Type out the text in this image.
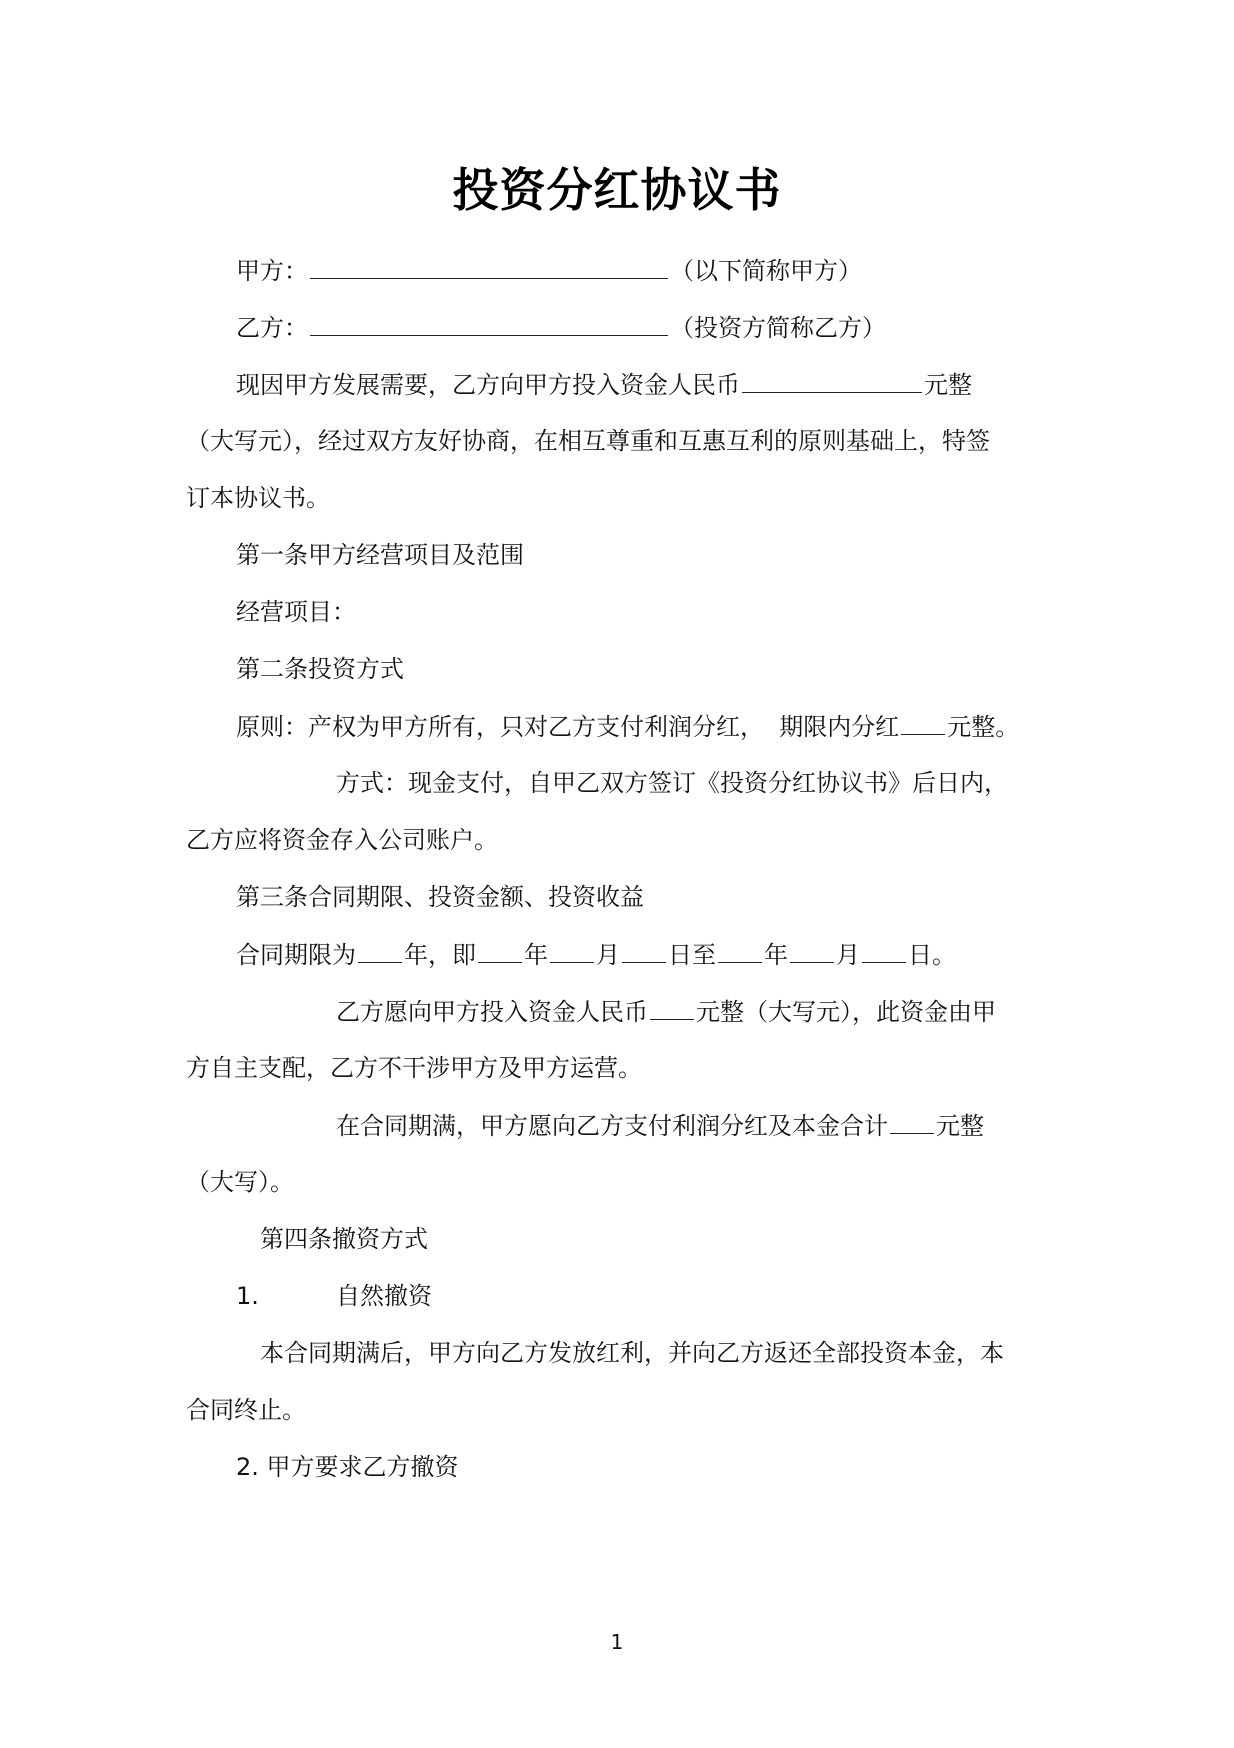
投资分红协议书
甲方：	（以下简称甲方）
乙方：	（投资方简称乙方）
现因甲方发展需要，乙方向甲方投入资金人民币	元整
（大写元），经过双方友好协商，在相互尊重和互惠互利的原则基础上，特签
订本协议书。
第一条甲方经营项目及范围
经营项目：
第二条投资方式
原则：产权为甲方所有，只对乙方支付利润分红，  期限内分红 元整。
方式：现金支付，自甲乙双方签订《投资分红协议书》后日内，
乙方应将资金存入公司账户。
第三条合同期限、投资金额、投资收益
合同期限为 年，即 年 月 日至 年 月 日。
乙方愿向甲方投入资金人民币 元整（大写元），此资金由甲
方自主支配，乙方不干涉甲方及甲方运营。
在合同期满，甲方愿向乙方支付利润分红及本金合计 元整
（大写）。
第四条撤资方式
1.	自然撤资
本合同期满后，甲方向乙方发放红利，并向乙方返还全部投资本金，本
合同终止。
2. 甲方要求乙方撤资
1
